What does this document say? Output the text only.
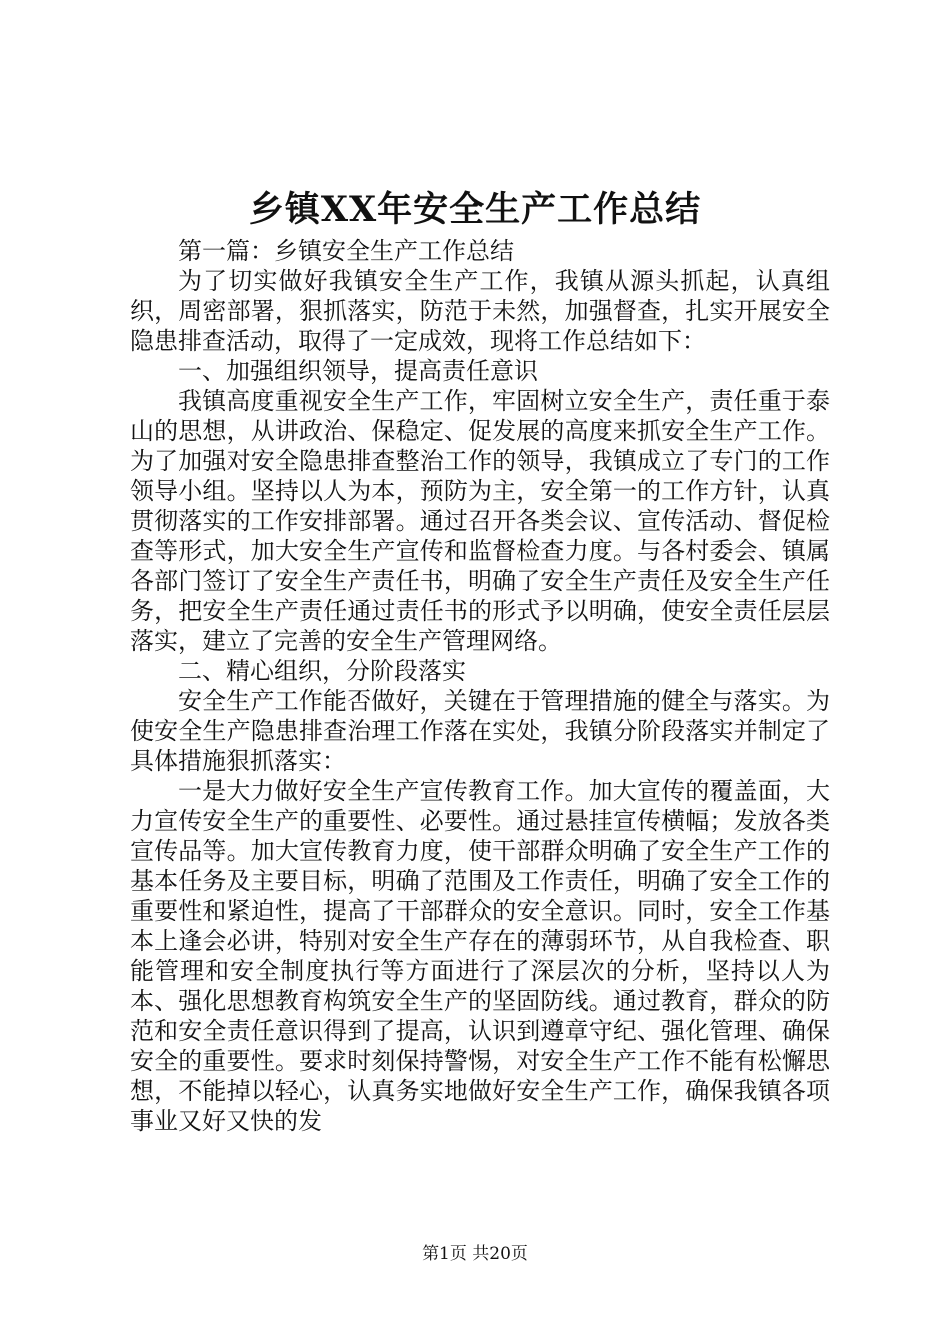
乡镇XX年安全生产工作总结

第一篇：乡镇安全生产工作总结

为了切实做好我镇安全生产工作，我镇从源头抓起，认真组织，周密部署，狠抓落实，防范于未然，加强督查，扎实开展安全隐患排查活动，取得了一定成效，现将工作总结如下：

一、加强组织领导，提高责任意识

我镇高度重视安全生产工作，牢固树立安全生产，责任重于泰山的思想，从讲政治、保稳定、促发展的高度来抓安全生产工作。为了加强对安全隐患排查整治工作的领导，我镇成立了专门的工作领导小组。坚持以人为本，预防为主，安全第一的工作方针，认真贯彻落实的工作安排部署。通过召开各类会议、宣传活动、督促检查等形式，加大安全生产宣传和监督检查力度。与各村委会、镇属各部门签订了安全生产责任书，明确了安全生产责任及安全生产任务，把安全生产责任通过责任书的形式予以明确，使安全责任层层落实，建立了完善的安全生产管理网络。

二、精心组织，分阶段落实

安全生产工作能否做好，关键在于管理措施的健全与落实。为使安全生产隐患排查治理工作落在实处，我镇分阶段落实并制定了具体措施狠抓落实：

一是大力做好安全生产宣传教育工作。加大宣传的覆盖面，大力宣传安全生产的重要性、必要性。通过悬挂宣传横幅；发放各类宣传品等。加大宣传教育力度，使干部群众明确了安全生产工作的基本任务及主要目标，明确了范围及工作责任，明确了安全工作的重要性和紧迫性，提高了干部群众的安全意识。同时，安全工作基本上逢会必讲，特别对安全生产存在的薄弱环节，从自我检查、职能管理和安全制度执行等方面进行了深层次的分析，坚持以人为本、强化思想教育构筑安全生产的坚固防线。通过教育，群众的防范和安全责任意识得到了提高，认识到遵章守纪、强化管理、确保安全的重要性。要求时刻保持警惕，对安全生产工作不能有松懈思想，不能掉以轻心，认真务实地做好安全生产工作，确保我镇各项事业又好又快的发

第1页 共20页
